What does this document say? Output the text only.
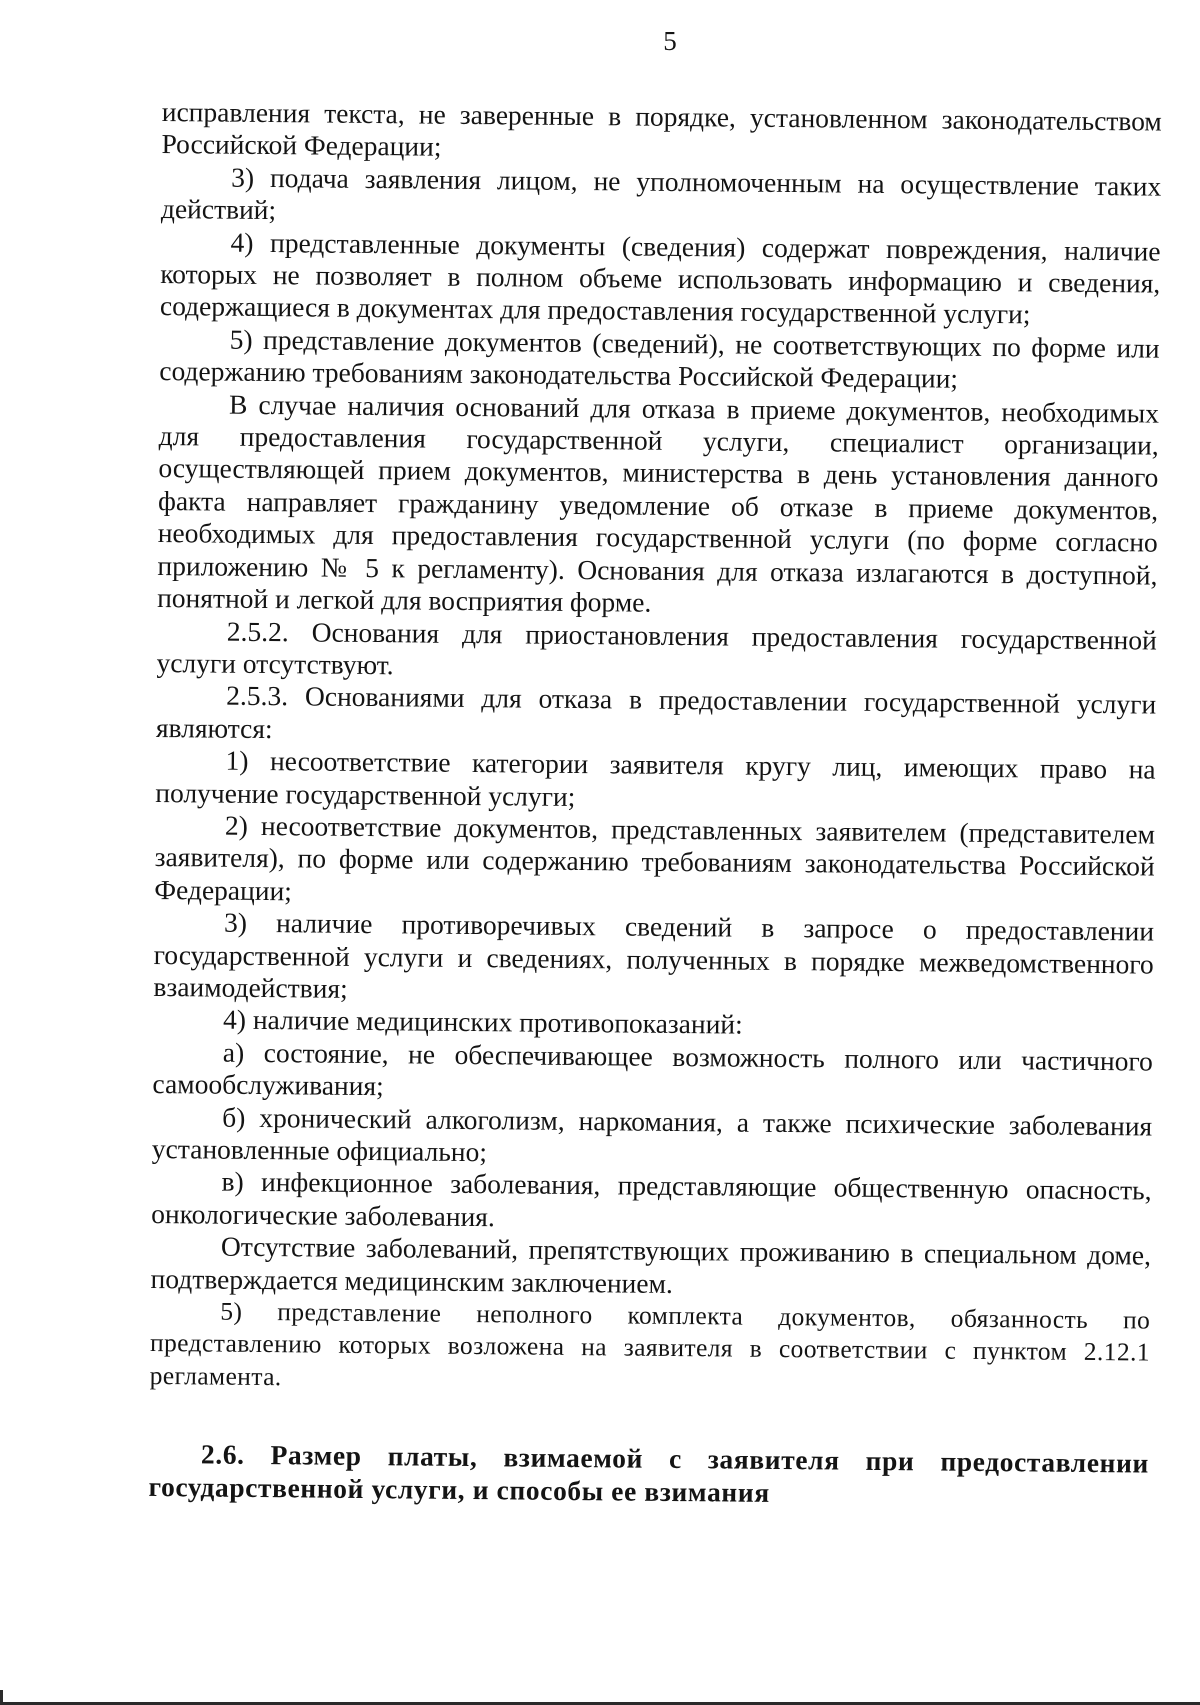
5

исправления текста, не заверенные в порядке, установленном законодательством Российской Федерации;

3) подача заявления лицом, не уполномоченным на осуществление таких действий;

4) представленные документы (сведения) содержат повреждения, наличие которых не позволяет в полном объеме использовать информацию и сведения, содержащиеся в документах для предоставления государственной услуги;

5) представление документов (сведений), не соответствующих по форме или содержанию требованиям законодательства Российской Федерации;

В случае наличия оснований для отказа в приеме документов, необходимых для предоставления государственной услуги, специалист организации, осуществляющей прием документов, министерства в день установления данного факта направляет гражданину уведомление об отказе в приеме документов, необходимых для предоставления государственной услуги (по форме согласно приложению № 5 к регламенту). Основания для отказа излагаются в доступной, понятной и легкой для восприятия форме.

2.5.2. Основания для приостановления предоставления государственной услуги отсутствуют.

2.5.3. Основаниями для отказа в предоставлении государственной услуги являются:

1) несоответствие категории заявителя кругу лиц, имеющих право на получение государственной услуги;

2) несоответствие документов, представленных заявителем (представителем заявителя), по форме или содержанию требованиям законодательства Российской Федерации;

3) наличие противоречивых сведений в запросе о предоставлении государственной услуги и сведениях, полученных в порядке межведомственного взаимодействия;

4) наличие медицинских противопоказаний:

а) состояние, не обеспечивающее возможность полного или частичного самообслуживания;

б) хронический алкоголизм, наркомания, а также психические заболевания установленные официально;

в) инфекционное заболевания, представляющие общественную опасность, онкологические заболевания.

Отсутствие заболеваний, препятствующих проживанию в специальном доме, подтверждается медицинским заключением.

5) представление неполного комплекта документов, обязанность по представлению которых возложена на заявителя в соответствии с пунктом 2.12.1 регламента.

2.6. Размер платы, взимаемой с заявителя при предоставлении государственной услуги, и способы ее взимания
